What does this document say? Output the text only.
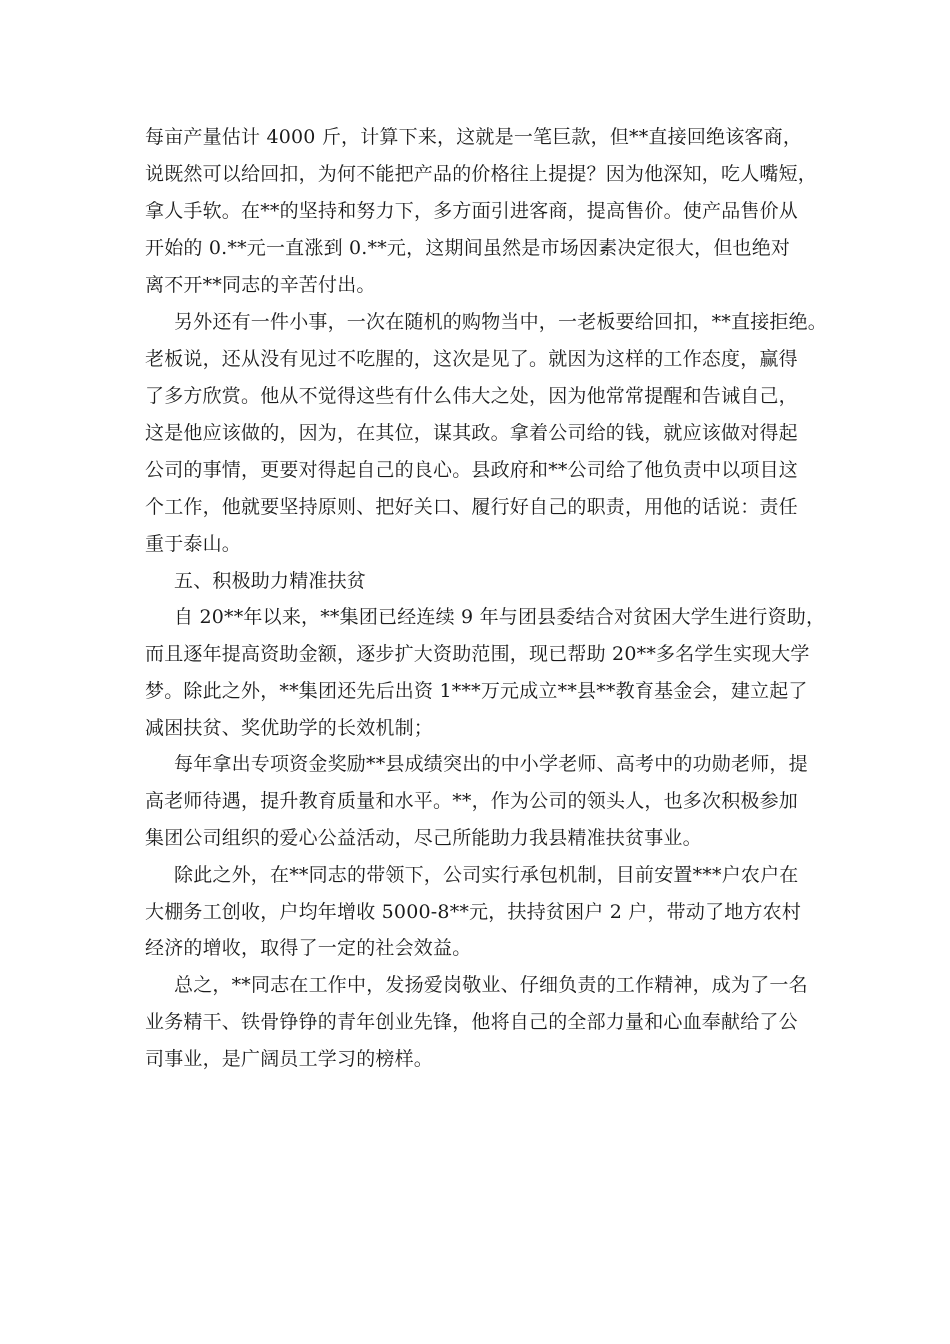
每亩产量估计 4000 斤，计算下来，这就是一笔巨款，但**直接回绝该客商，
说既然可以给回扣，为何不能把产品的价格往上提提？因为他深知，吃人嘴短，
拿人手软。在**的坚持和努力下，多方面引进客商，提高售价。使产品售价从
开始的 0.**元一直涨到 0.**元，这期间虽然是市场因素决定很大，但也绝对
离不开**同志的辛苦付出。
另外还有一件小事，一次在随机的购物当中，一老板要给回扣，**直接拒绝。
老板说，还从没有见过不吃腥的，这次是见了。就因为这样的工作态度，赢得
了多方欣赏。他从不觉得这些有什么伟大之处，因为他常常提醒和告诫自己，
这是他应该做的，因为，在其位，谋其政。拿着公司给的钱，就应该做对得起
公司的事情，更要对得起自己的良心。县政府和**公司给了他负责中以项目这
个工作，他就要坚持原则、把好关口、履行好自己的职责，用他的话说：责任
重于泰山。
五、积极助力精准扶贫
自 20**年以来，**集团已经连续 9 年与团县委结合对贫困大学生进行资助，
而且逐年提高资助金额，逐步扩大资助范围，现已帮助 20**多名学生实现大学
梦。除此之外，**集团还先后出资 1***万元成立**县**教育基金会，建立起了
减困扶贫、奖优助学的长效机制；
每年拿出专项资金奖励**县成绩突出的中小学老师、高考中的功勋老师，提
高老师待遇，提升教育质量和水平。**，作为公司的领头人，也多次积极参加
集团公司组织的爱心公益活动，尽己所能助力我县精准扶贫事业。
除此之外，在**同志的带领下，公司实行承包机制，目前安置***户农户在
大棚务工创收，户均年增收 5000-8**元，扶持贫困户 2 户，带动了地方农村
经济的增收，取得了一定的社会效益。
总之，**同志在工作中，发扬爱岗敬业、仔细负责的工作精神，成为了一名
业务精干、铁骨铮铮的青年创业先锋，他将自己的全部力量和心血奉献给了公
司事业，是广阔员工学习的榜样。
